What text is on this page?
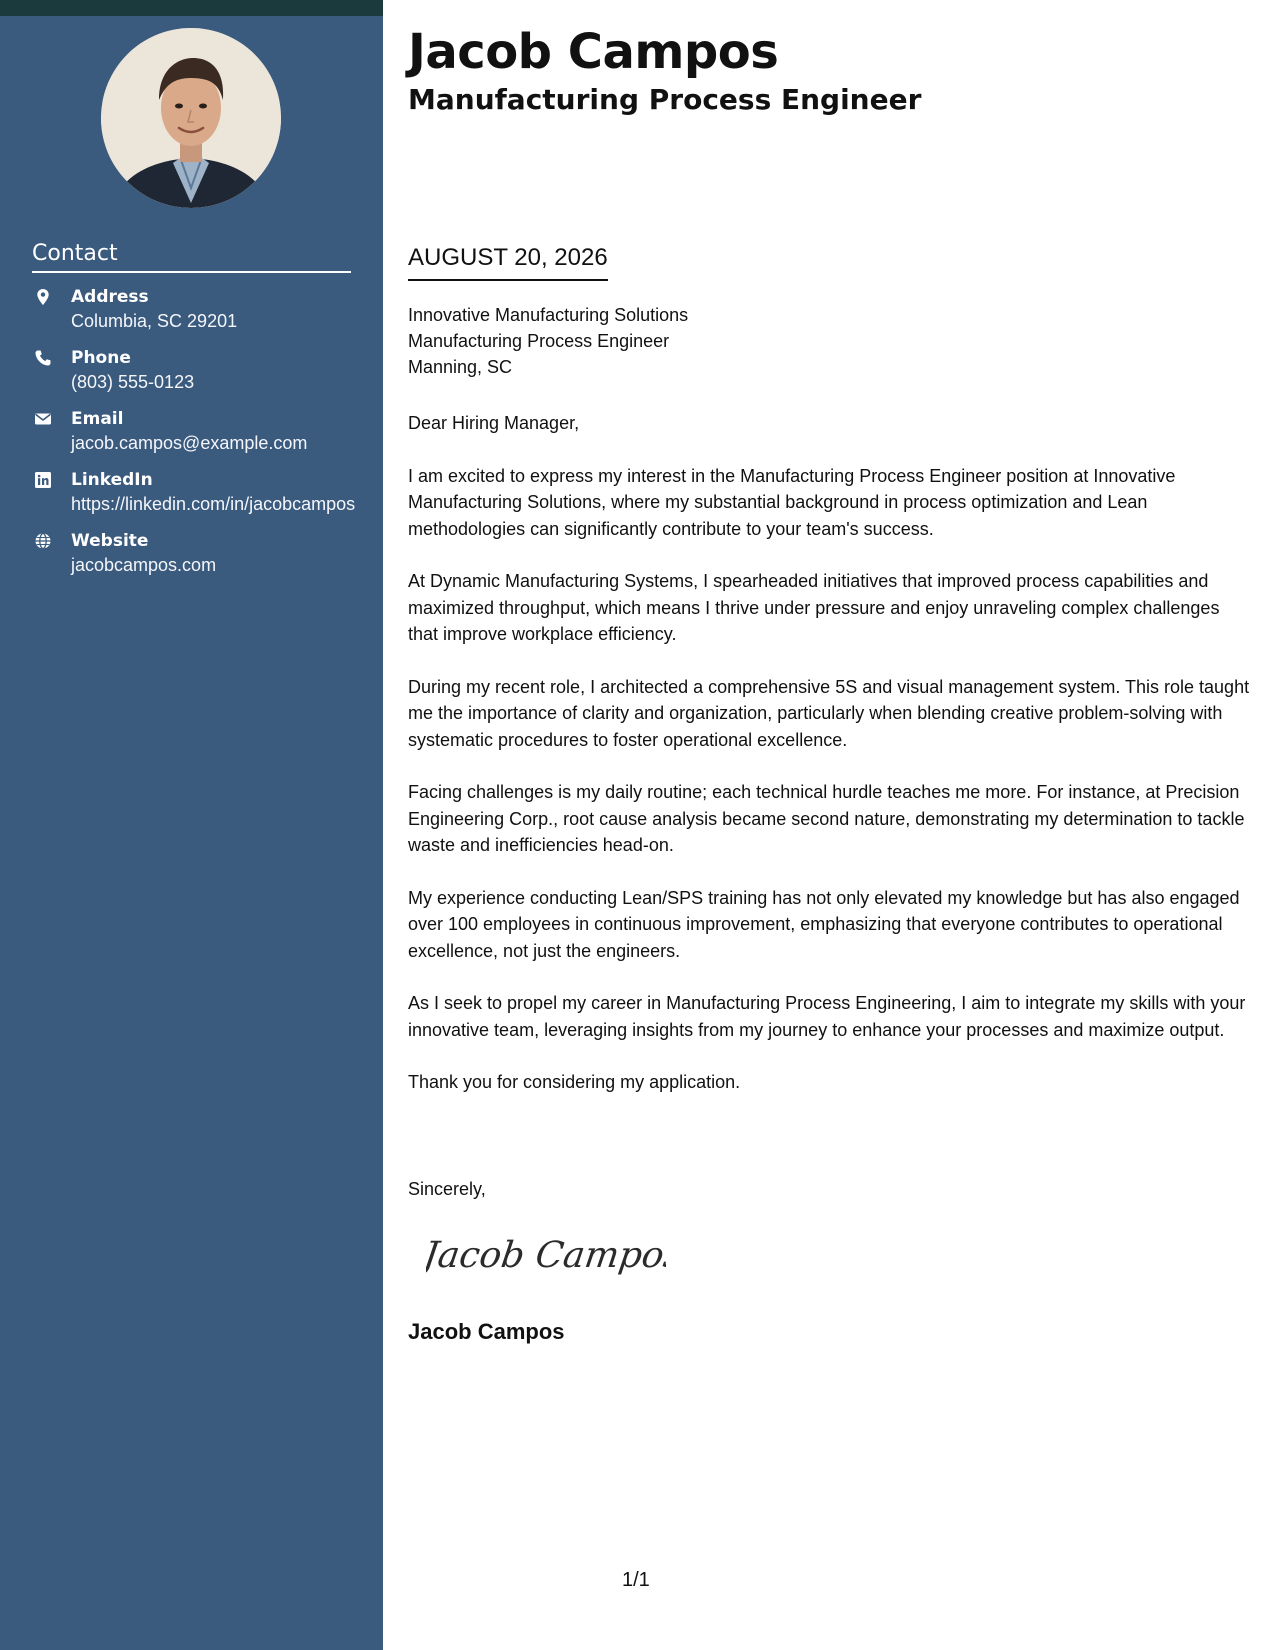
Contact
Address
Columbia, SC 29201
Phone
(803) 555-0123
Email
jacob.campos@example.com
LinkedIn
https://linkedin.com/in/jacobcampos
Website
jacobcampos.com
Jacob Campos
Manufacturing Process Engineer
AUGUST 20, 2026
Innovative Manufacturing Solutions
Manufacturing Process Engineer
Manning, SC

Dear Hiring Manager,

I am excited to express my interest in the Manufacturing Process Engineer position at Innovative Manufacturing Solutions, where my substantial background in process optimization and Lean methodologies can significantly contribute to your team's success.

At Dynamic Manufacturing Systems, I spearheaded initiatives that improved process capabilities and maximized throughput, which means I thrive under pressure and enjoy unraveling complex challenges that improve workplace efficiency.

During my recent role, I architected a comprehensive 5S and visual management system. This role taught me the importance of clarity and organization, particularly when blending creative problem-solving with systematic procedures to foster operational excellence.

Facing challenges is my daily routine; each technical hurdle teaches me more. For instance, at Precision Engineering Corp., root cause analysis became second nature, demonstrating my determination to tackle waste and inefficiencies head-on.

My experience conducting Lean/SPS training has not only elevated my knowledge but has also engaged over 100 employees in continuous improvement, emphasizing that everyone contributes to operational excellence, not just the engineers.

As I seek to propel my career in Manufacturing Process Engineering, I aim to integrate my skills with your innovative team, leveraging insights from my journey to enhance your processes and maximize output.

Thank you for considering my application.

Sincerely,
Jacob Campos
Jacob Campos
1/1
